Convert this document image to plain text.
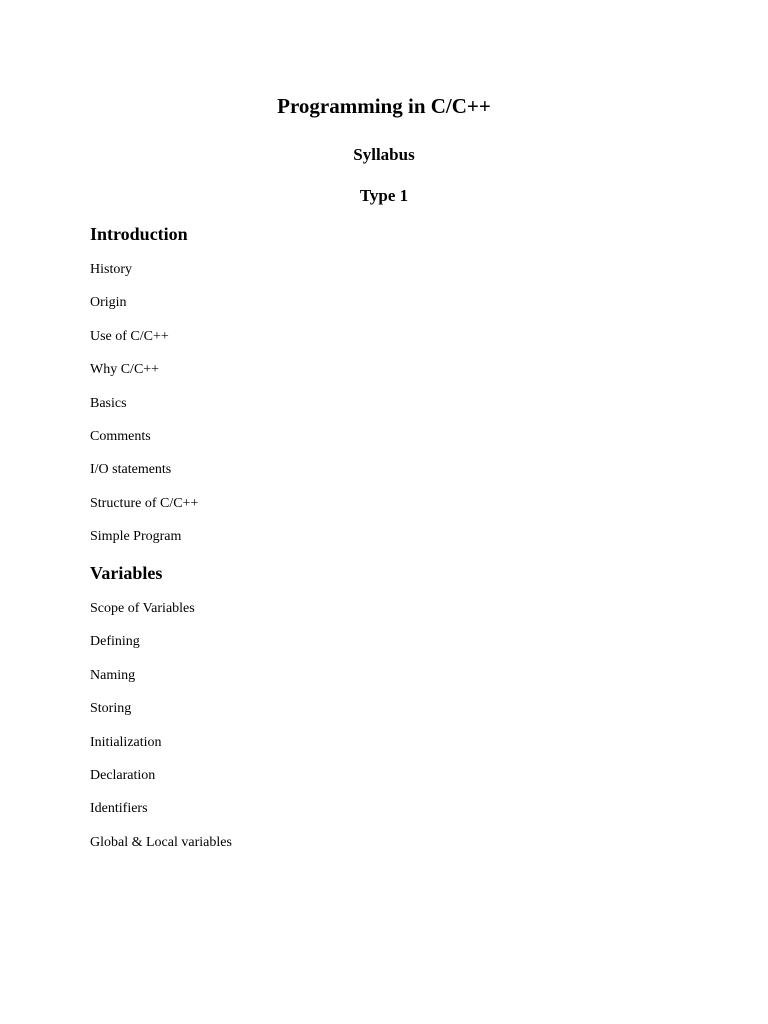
Programming in C/C++
Syllabus
Type 1
Introduction
History
Origin
Use of C/C++
Why C/C++
Basics
Comments
I/O statements
Structure of C/C++
Simple Program
Variables
Scope of Variables
Defining
Naming
Storing
Initialization
Declaration
Identifiers
Global & Local variables
